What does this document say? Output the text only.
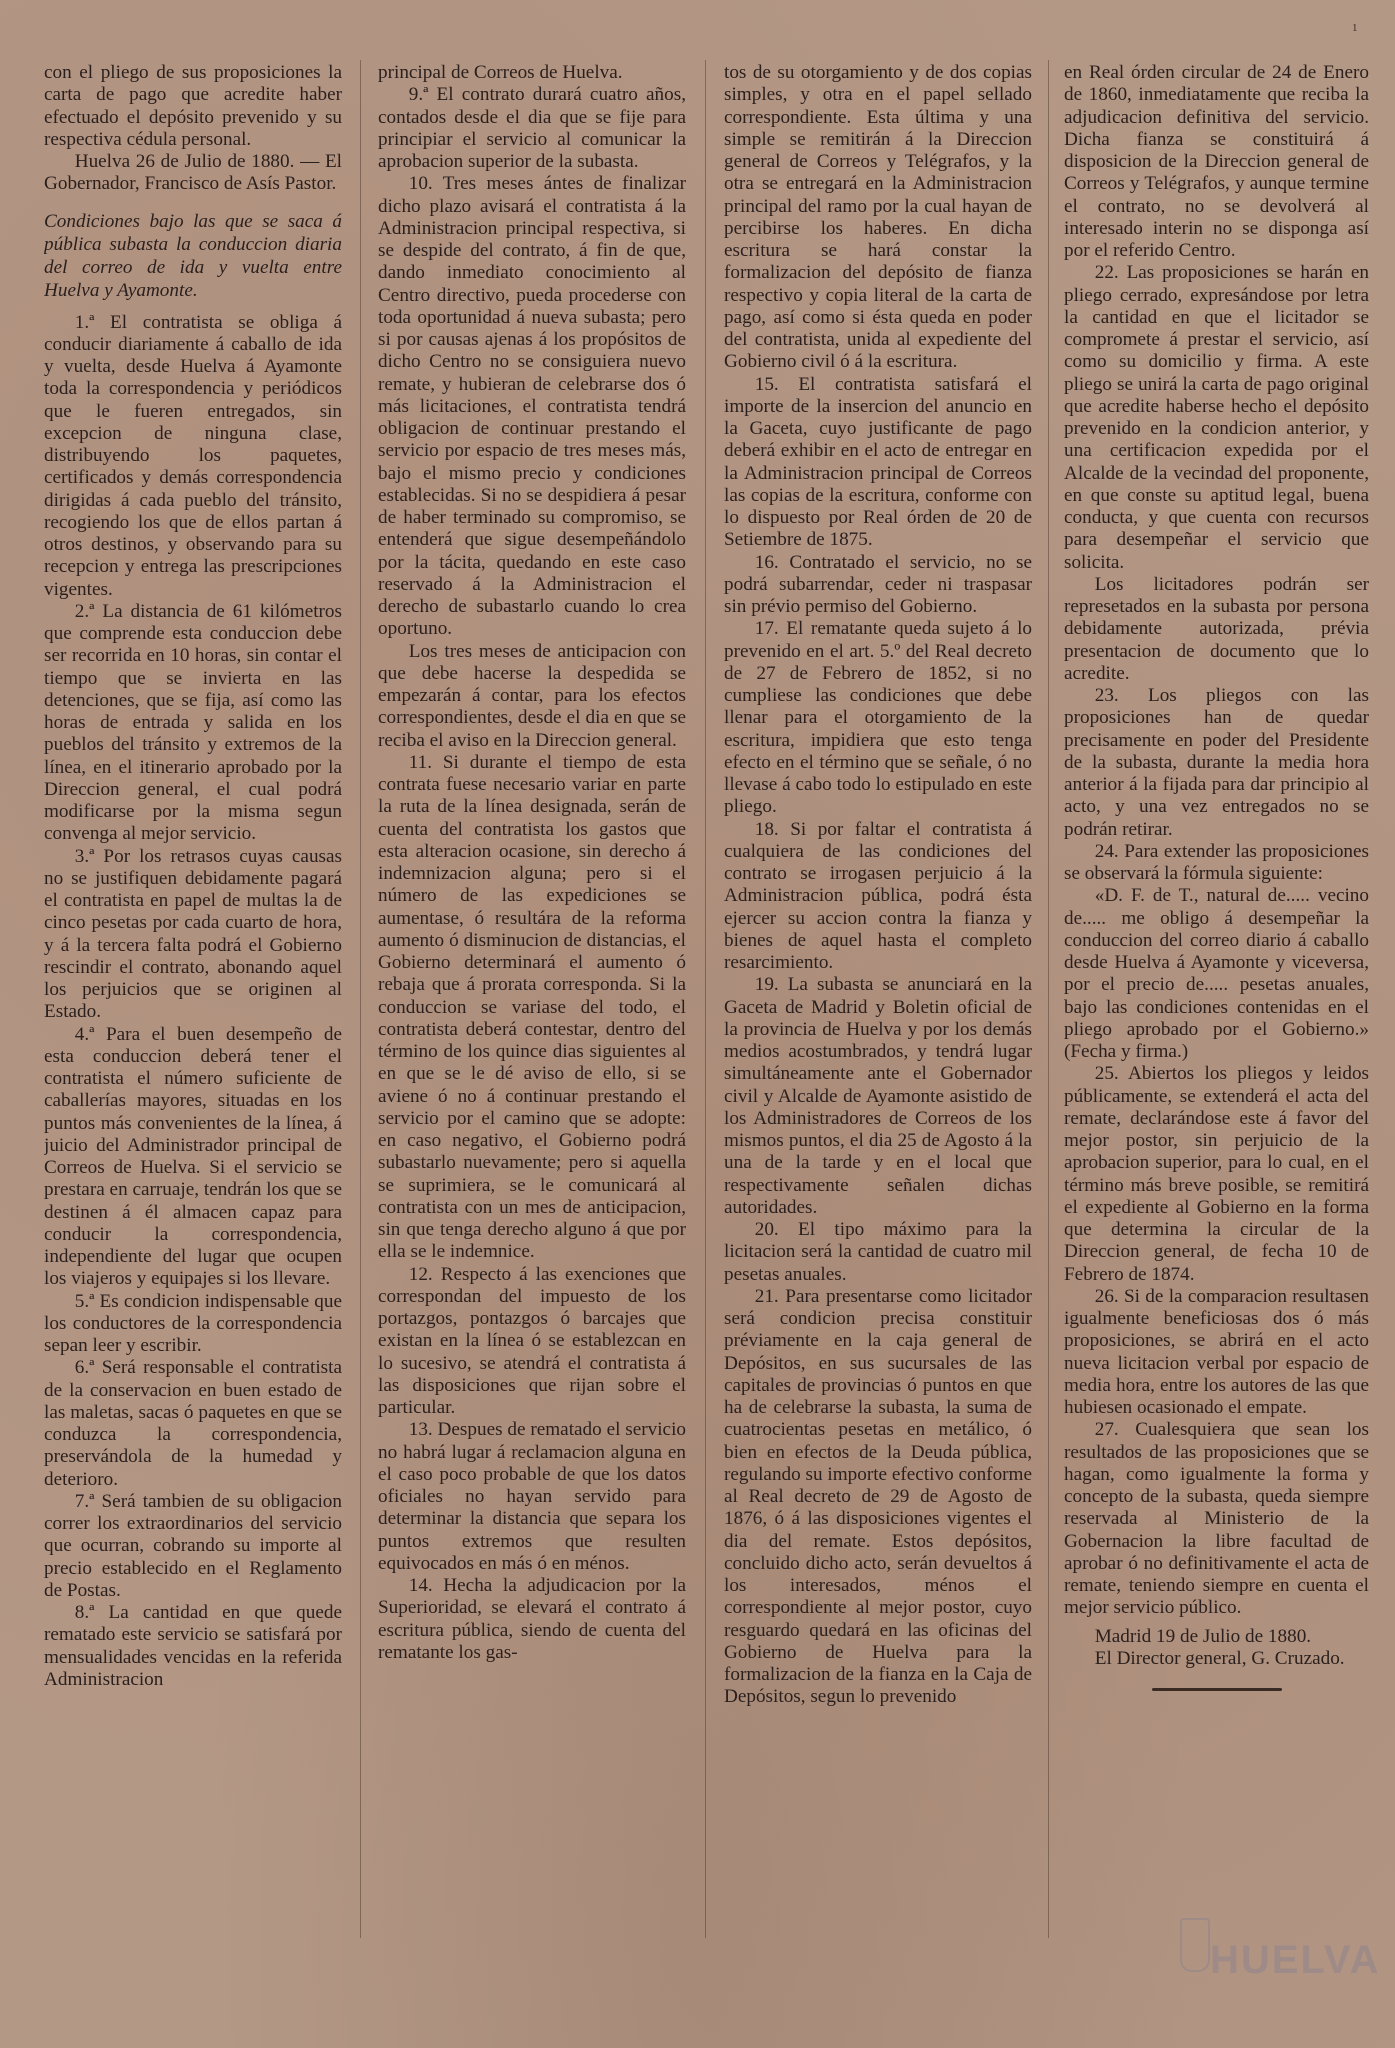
1

con el pliego de sus proposiciones la carta de pago que acredite haber efectuado el depósito prevenido y su respectiva cédula personal.

Huelva 26 de Julio de 1880. — El Gobernador, Francisco de Asís Pastor.

Condiciones bajo las que se saca á pública subasta la conduccion diaria del correo de ida y vuelta entre Huelva y Ayamonte.

1.ª El contratista se obliga á conducir diariamente á caballo de ida y vuelta, desde Huelva á Ayamonte toda la correspondencia y periódicos que le fueren entregados, sin excepcion de ninguna clase, distribuyendo los paquetes, certificados y demás correspondencia dirigidas á cada pueblo del tránsito, recogiendo los que de ellos partan á otros destinos, y observando para su recepcion y entrega las prescripciones vigentes.

2.ª La distancia de 61 kilómetros que comprende esta conduccion debe ser recorrida en 10 horas, sin contar el tiempo que se invierta en las detenciones, que se fija, así como las horas de entrada y salida en los pueblos del tránsito y extremos de la línea, en el itinerario aprobado por la Direccion general, el cual podrá modificarse por la misma segun convenga al mejor servicio.

3.ª Por los retrasos cuyas causas no se justifiquen debidamente pagará el contratista en papel de multas la de cinco pesetas por cada cuarto de hora, y á la tercera falta podrá el Gobierno rescindir el contrato, abonando aquel los perjuicios que se originen al Estado.

4.ª Para el buen desempeño de esta conduccion deberá tener el contratista el número suficiente de caballerías mayores, situadas en los puntos más convenientes de la línea, á juicio del Administrador principal de Correos de Huelva. Si el servicio se prestara en carruaje, tendrán los que se destinen á él almacen capaz para conducir la correspondencia, independiente del lugar que ocupen los viajeros y equipajes si los llevare.

5.ª Es condicion indispensable que los conductores de la correspondencia sepan leer y escribir.

6.ª Será responsable el contratista de la conservacion en buen estado de las maletas, sacas ó paquetes en que se conduzca la correspondencia, preservándola de la humedad y deterioro.

7.ª Será tambien de su obligacion correr los extraordinarios del servicio que ocurran, cobrando su importe al precio establecido en el Reglamento de Postas.

8.ª La cantidad en que quede rematado este servicio se satisfará por mensualidades vencidas en la referida Administracion

principal de Correos de Huelva.

9.ª El contrato durará cuatro años, contados desde el dia que se fije para principiar el servicio al comunicar la aprobacion superior de la subasta.

10. Tres meses ántes de finalizar dicho plazo avisará el contratista á la Administracion principal respectiva, si se despide del contrato, á fin de que, dando inmediato conocimiento al Centro directivo, pueda procederse con toda oportunidad á nueva subasta; pero si por causas ajenas á los propósitos de dicho Centro no se consiguiera nuevo remate, y hubieran de celebrarse dos ó más licitaciones, el contratista tendrá obligacion de continuar prestando el servicio por espacio de tres meses más, bajo el mismo precio y condiciones establecidas. Si no se despidiera á pesar de haber terminado su compromiso, se entenderá que sigue desempeñándolo por la tácita, quedando en este caso reservado á la Administracion el derecho de subastarlo cuando lo crea oportuno.

Los tres meses de anticipacion con que debe hacerse la despedida se empezarán á contar, para los efectos correspondientes, desde el dia en que se reciba el aviso en la Direccion general.

11. Si durante el tiempo de esta contrata fuese necesario variar en parte la ruta de la línea designada, serán de cuenta del contratista los gastos que esta alteracion ocasione, sin derecho á indemnizacion alguna; pero si el número de las expediciones se aumentase, ó resultára de la reforma aumento ó disminucion de distancias, el Gobierno determinará el aumento ó rebaja que á prorata corresponda. Si la conduccion se variase del todo, el contratista deberá contestar, dentro del término de los quince dias siguientes al en que se le dé aviso de ello, si se aviene ó no á continuar prestando el servicio por el camino que se adopte: en caso negativo, el Gobierno podrá subastarlo nuevamente; pero si aquella se suprimiera, se le comunicará al contratista con un mes de anticipacion, sin que tenga derecho alguno á que por ella se le indemnice.

12. Respecto á las exenciones que correspondan del impuesto de los portazgos, pontazgos ó barcajes que existan en la línea ó se establezcan en lo sucesivo, se atendrá el contratista á las disposiciones que rijan sobre el particular.

13. Despues de rematado el servicio no habrá lugar á reclamacion alguna en el caso poco probable de que los datos oficiales no hayan servido para determinar la distancia que separa los puntos extremos que resulten equivocados en más ó en ménos.

14. Hecha la adjudicacion por la Superioridad, se elevará el contrato á escritura pública, siendo de cuenta del rematante los gas-

tos de su otorgamiento y de dos copias simples, y otra en el papel sellado correspondiente. Esta última y una simple se remitirán á la Direccion general de Correos y Telégrafos, y la otra se entregará en la Administracion principal del ramo por la cual hayan de percibirse los haberes. En dicha escritura se hará constar la formalizacion del depósito de fianza respectivo y copia literal de la carta de pago, así como si ésta queda en poder del contratista, unida al expediente del Gobierno civil ó á la escritura.

15. El contratista satisfará el importe de la insercion del anuncio en la Gaceta, cuyo justificante de pago deberá exhibir en el acto de entregar en la Administracion principal de Correos las copias de la escritura, conforme con lo dispuesto por Real órden de 20 de Setiembre de 1875.

16. Contratado el servicio, no se podrá subarrendar, ceder ni traspasar sin prévio permiso del Gobierno.

17. El rematante queda sujeto á lo prevenido en el art. 5.º del Real decreto de 27 de Febrero de 1852, si no cumpliese las condiciones que debe llenar para el otorgamiento de la escritura, impidiera que esto tenga efecto en el término que se señale, ó no llevase á cabo todo lo estipulado en este pliego.

18. Si por faltar el contratista á cualquiera de las condiciones del contrato se irrogasen perjuicio á la Administracion pública, podrá ésta ejercer su accion contra la fianza y bienes de aquel hasta el completo resarcimiento.

19. La subasta se anunciará en la Gaceta de Madrid y Boletin oficial de la provincia de Huelva y por los demás medios acostumbrados, y tendrá lugar simultáneamente ante el Gobernador civil y Alcalde de Ayamonte asistido de los Administradores de Correos de los mismos puntos, el dia 25 de Agosto á la una de la tarde y en el local que respectivamente señalen dichas autoridades.

20. El tipo máximo para la licitacion será la cantidad de cuatro mil pesetas anuales.

21. Para presentarse como licitador será condicion precisa constituir préviamente en la caja general de Depósitos, en sus sucursales de las capitales de provincias ó puntos en que ha de celebrarse la subasta, la suma de cuatrocientas pesetas en metálico, ó bien en efectos de la Deuda pública, regulando su importe efectivo conforme al Real decreto de 29 de Agosto de 1876, ó á las disposiciones vigentes el dia del remate. Estos depósitos, concluido dicho acto, serán devueltos á los interesados, ménos el correspondiente al mejor postor, cuyo resguardo quedará en las oficinas del Gobierno de Huelva para la formalizacion de la fianza en la Caja de Depósitos, segun lo prevenido

en Real órden circular de 24 de Enero de 1860, inmediatamente que reciba la adjudicacion definitiva del servicio. Dicha fianza se constituirá á disposicion de la Direccion general de Correos y Telégrafos, y aunque termine el contrato, no se devolverá al interesado interin no se disponga así por el referido Centro.

22. Las proposiciones se harán en pliego cerrado, expresándose por letra la cantidad en que el licitador se compromete á prestar el servicio, así como su domicilio y firma. A este pliego se unirá la carta de pago original que acredite haberse hecho el depósito prevenido en la condicion anterior, y una certificacion expedida por el Alcalde de la vecindad del proponente, en que conste su aptitud legal, buena conducta, y que cuenta con recursos para desempeñar el servicio que solicita.

Los licitadores podrán ser represetados en la subasta por persona debidamente autorizada, prévia presentacion de documento que lo acredite.

23. Los pliegos con las proposiciones han de quedar precisamente en poder del Presidente de la subasta, durante la media hora anterior á la fijada para dar principio al acto, y una vez entregados no se podrán retirar.

24. Para extender las proposiciones se observará la fórmula siguiente:

«D. F. de T., natural de..... vecino de..... me obligo á desempeñar la conduccion del correo diario á caballo desde Huelva á Ayamonte y viceversa, por el precio de..... pesetas anuales, bajo las condiciones contenidas en el pliego aprobado por el Gobierno.» (Fecha y firma.)

25. Abiertos los pliegos y leidos públicamente, se extenderá el acta del remate, declarándose este á favor del mejor postor, sin perjuicio de la aprobacion superior, para lo cual, en el término más breve posible, se remitirá el expediente al Gobierno en la forma que determina la circular de la Direccion general, de fecha 10 de Febrero de 1874.

26. Si de la comparacion resultasen igualmente beneficiosas dos ó más proposiciones, se abrirá en el acto nueva licitacion verbal por espacio de media hora, entre los autores de las que hubiesen ocasionado el empate.

27. Cualesquiera que sean los resultados de las proposiciones que se hagan, como igualmente la forma y concepto de la subasta, queda siempre reservada al Ministerio de la Gobernacion la libre facultad de aprobar ó no definitivamente el acta de remate, teniendo siempre en cuenta el mejor servicio público.

Madrid 19 de Julio de 1880.

El Director general, G. Cruzado.

HUELVA
